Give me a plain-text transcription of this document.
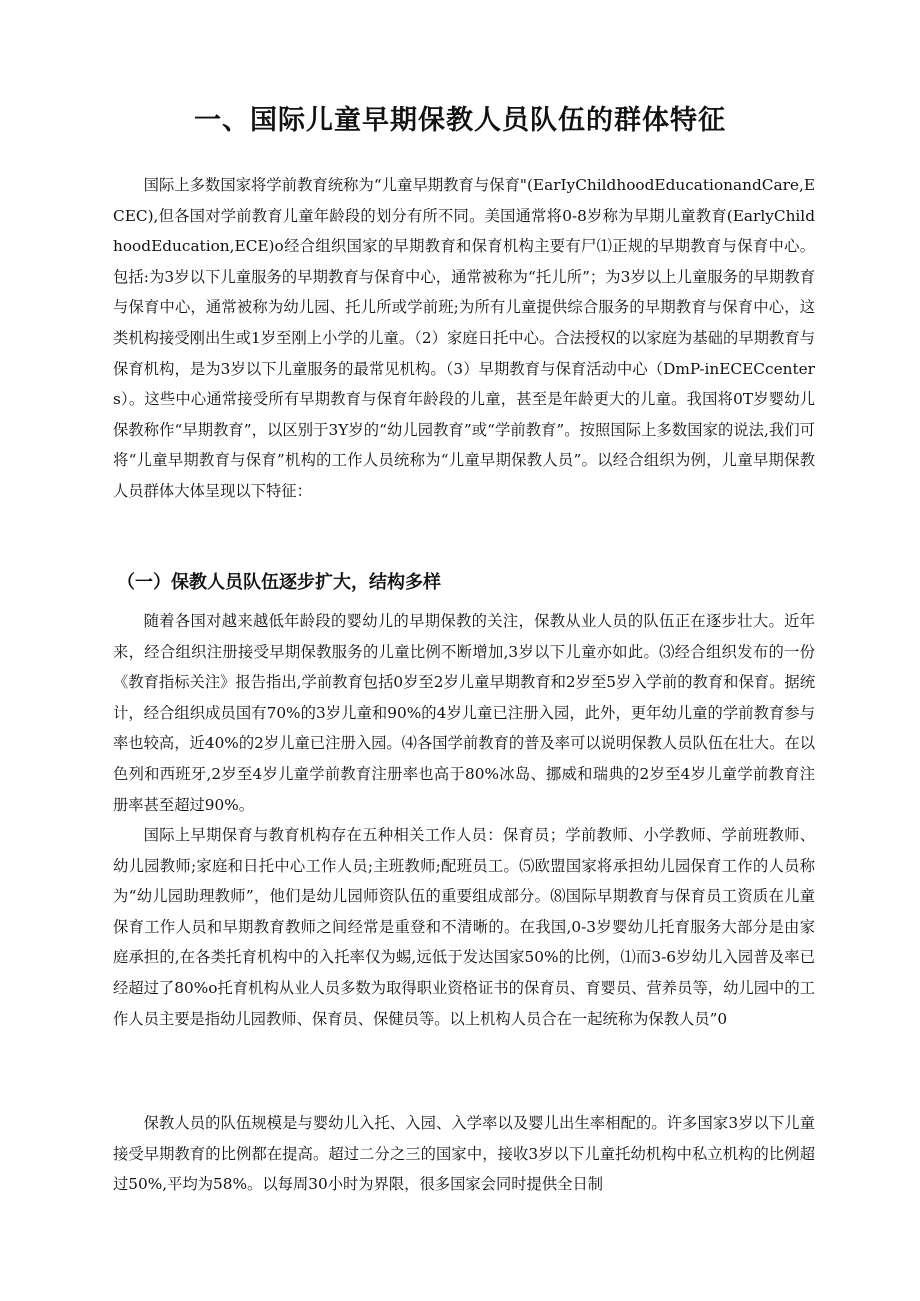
一、国际儿童早期保教人员队伍的群体特征

国际上多数国家将学前教育统称为“儿童早期教育与保育"(EarIyChildhoodEducationandCare,ECEC),但各国对学前教育儿童年龄段的划分有所不同。美国通常将0-8岁称为早期儿童教育(EarlyChildhoodEducation,ECE)o经合组织国家的早期教育和保育机构主要有尸⑴正规的早期教育与保育中心。包括:为3岁以下儿童服务的早期教育与保育中心，通常被称为“托儿所”；为3岁以上儿童服务的早期教育与保育中心，通常被称为幼儿园、托儿所或学前班;为所有儿童提供综合服务的早期教育与保育中心，这类机构接受刚出生或1岁至刚上小学的儿童。（2）家庭日托中心。合法授权的以家庭为基础的早期教育与保育机构，是为3岁以下儿童服务的最常见机构。（3）早期教育与保育活动中心（DmP-inECECcenters）。这些中心通常接受所有早期教育与保育年龄段的儿童，甚至是年龄更大的儿童。我国将0T岁婴幼儿保教称作“早期教育”，以区别于3Y岁的“幼儿园教育”或“学前教育”。按照国际上多数国家的说法,我们可将“儿童早期教育与保育”机构的工作人员统称为“儿童早期保教人员”。以经合组织为例，儿童早期保教人员群体大体呈现以下特征：

（一）保教人员队伍逐步扩大，结构多样

随着各国对越来越低年龄段的婴幼儿的早期保教的关注，保教从业人员的队伍正在逐步壮大。近年来，经合组织注册接受早期保教服务的儿童比例不断增加,3岁以下儿童亦如此。⑶经合组织发布的一份《教育指标关注》报告指出,学前教育包括0岁至2岁儿童早期教育和2岁至5岁入学前的教育和保育。据统计，经合组织成员国有70%的3岁儿童和90%的4岁儿童已注册入园，此外，更年幼儿童的学前教育参与率也较高，近40%的2岁儿童已注册入园。⑷各国学前教育的普及率可以说明保教人员队伍在壮大。在以色列和西班牙,2岁至4岁儿童学前教育注册率也高于80%冰岛、挪威和瑞典的2岁至4岁儿童学前教育注册率甚至超过90%。

国际上早期保育与教育机构存在五种相关工作人员：保育员；学前教师、小学教师、学前班教师、幼儿园教师;家庭和日托中心工作人员;主班教师;配班员工。⑸欧盟国家将承担幼儿园保育工作的人员称为“幼儿园助理教师”，他们是幼儿园师资队伍的重要组成部分。⑻国际早期教育与保育员工资质在儿童保育工作人员和早期教育教师之间经常是重登和不清晰的。在我国,0-3岁婴幼儿托育服务大部分是由家庭承担的,在各类托育机构中的入托率仅为蜴,远低于发达国家50%的比例，⑴而3-6岁幼儿入园普及率已经超过了80%o托育机构从业人员多数为取得职业资格证书的保育员、育婴员、营养员等，幼儿园中的工作人员主要是指幼儿园教师、保育员、保健员等。以上机构人员合在一起统称为保教人员”0

保教人员的队伍规模是与婴幼儿入托、入园、入学率以及婴儿出生率相配的。许多国家3岁以下儿童接受早期教育的比例都在提高。超过二分之三的国家中，接收3岁以下儿童托幼机构中私立机构的比例超过50%,平均为58%。以每周30小时为界限，很多国家会同时提供全日制
